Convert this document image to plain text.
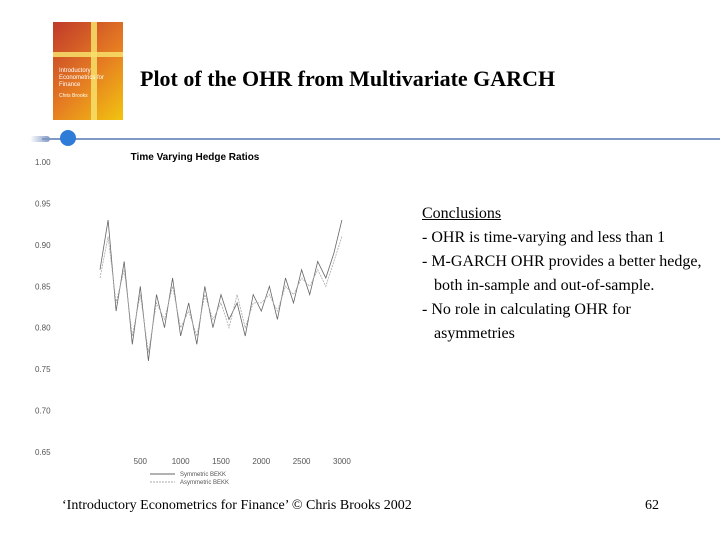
Introductory Econometrics for Finance
Chris Brooks
Plot of the OHR from Multivariate GARCH
Time Varying Hedge Ratios
1.00
0.95
0.90
0.85
0.80
0.75
0.70
0.65
500	1000	1500	2000	2500	3000
Symmetric BEKK
Asymmetric BEKK
Conclusions
- OHR is time-varying and less than 1
- M-GARCH OHR provides a better hedge, both in-sample and out-of-sample.
- No role in calculating OHR for asymmetries
‘Introductory Econometrics for Finance’ © Chris Brooks 2002	62
